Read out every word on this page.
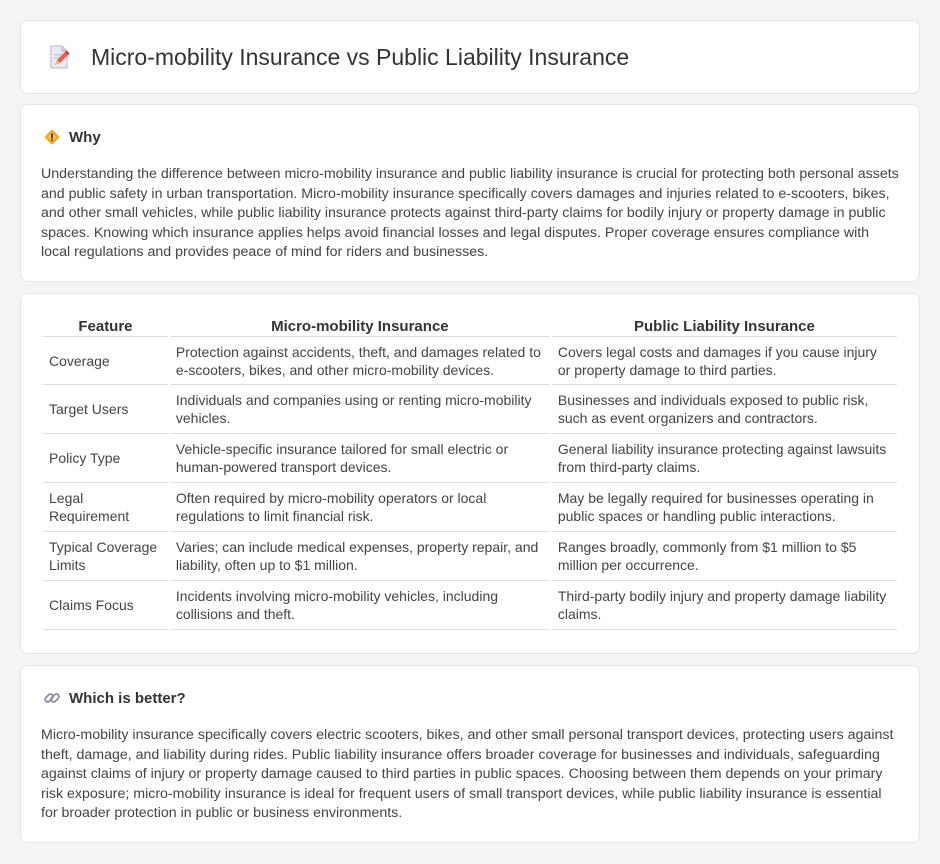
Micro-mobility Insurance vs Public Liability Insurance
Why

Understanding the difference between micro-mobility insurance and public liability insurance is crucial for protecting both personal assets and public safety in urban transportation. Micro-mobility insurance specifically covers damages and injuries related to e-scooters, bikes, and other small vehicles, while public liability insurance protects against third-party claims for bodily injury or property damage in public spaces. Knowing which insurance applies helps avoid financial losses and legal disputes. Proper coverage ensures compliance with local regulations and provides peace of mind for riders and businesses.

Feature	Micro-mobility Insurance	Public Liability Insurance
Coverage	Protection against accidents, theft, and damages related to e-scooters, bikes, and other micro-mobility devices.	Covers legal costs and damages if you cause injury or property damage to third parties.
Target Users	Individuals and companies using or renting micro-mobility vehicles.	Businesses and individuals exposed to public risk, such as event organizers and contractors.
Policy Type	Vehicle-specific insurance tailored for small electric or human-powered transport devices.	General liability insurance protecting against lawsuits from third-party claims.
Legal Requirement	Often required by micro-mobility operators or local regulations to limit financial risk.	May be legally required for businesses operating in public spaces or handling public interactions.
Typical Coverage Limits	Varies; can include medical expenses, property repair, and liability, often up to $1 million.	Ranges broadly, commonly from $1 million to $5 million per occurrence.
Claims Focus	Incidents involving micro-mobility vehicles, including collisions and theft.	Third-party bodily injury and property damage liability claims.
Which is better?

Micro-mobility insurance specifically covers electric scooters, bikes, and other small personal transport devices, protecting users against theft, damage, and liability during rides. Public liability insurance offers broader coverage for businesses and individuals, safeguarding against claims of injury or property damage caused to third parties in public spaces. Choosing between them depends on your primary risk exposure; micro-mobility insurance is ideal for frequent users of small transport devices, while public liability insurance is essential for broader protection in public or business environments.
